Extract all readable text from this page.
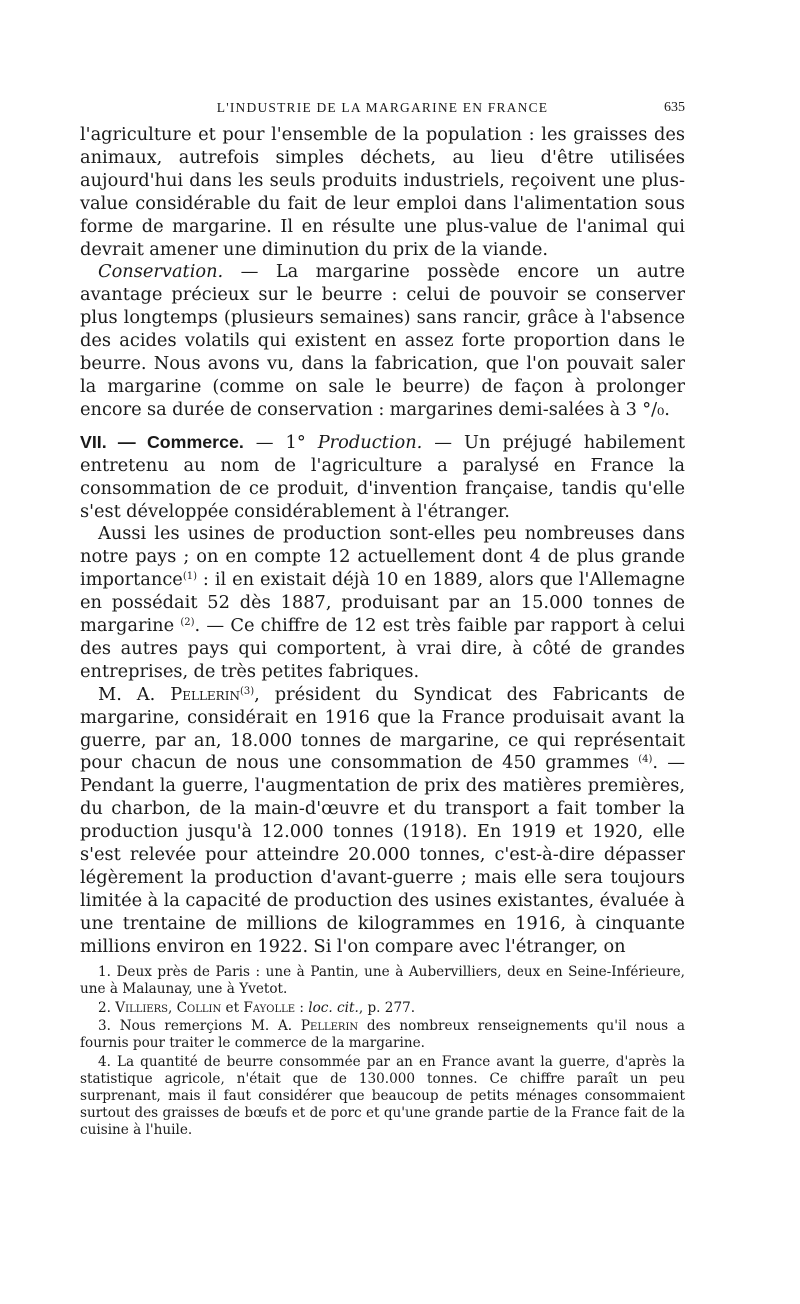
L'INDUSTRIE DE LA MARGARINE EN FRANCE	635

l'agriculture et pour l'ensemble de la population : les graisses des animaux, autrefois simples déchets, au lieu d'être utilisées aujourd'hui dans les seuls produits industriels, reçoivent une plus-value considérable du fait de leur emploi dans l'alimentation sous forme de margarine. Il en résulte une plus-value de l'animal qui devrait amener une diminution du prix de la viande.

Conservation. — La margarine possède encore un autre avantage précieux sur le beurre : celui de pouvoir se conserver plus longtemps (plusieurs semaines) sans rancir, grâce à l'absence des acides volatils qui existent en assez forte proportion dans le beurre. Nous avons vu, dans la fabrication, que l'on pouvait saler la margarine (comme on sale le beurre) de façon à prolonger encore sa durée de conservation : margarines demi-salées à 3 °/₀.

VII. — Commerce. — 1° Production. — Un préjugé habilement entretenu au nom de l'agriculture a paralysé en France la consommation de ce produit, d'invention française, tandis qu'elle s'est développée considérablement à l'étranger.

Aussi les usines de production sont-elles peu nombreuses dans notre pays ; on en compte 12 actuellement dont 4 de plus grande importance$^{(1)}$ : il en existait déjà 10 en 1889, alors que l'Allemagne en possédait 52 dès 1887, produisant par an 15.000 tonnes de margarine $^{(2)}$. — Ce chiffre de 12 est très faible par rapport à celui des autres pays qui comportent, à vrai dire, à côté de grandes entreprises, de très petites fabriques.

M. A. Pellerin$^{(3)}$, président du Syndicat des Fabricants de margarine, considérait en 1916 que la France produisait avant la guerre, par an, 18.000 tonnes de margarine, ce qui représentait pour chacun de nous une consommation de 450 grammes $^{(4)}$. — Pendant la guerre, l'augmentation de prix des matières premières, du charbon, de la main-d'œuvre et du transport a fait tomber la production jusqu'à 12.000 tonnes (1918). En 1919 et 1920, elle s'est relevée pour atteindre 20.000 tonnes, c'est-à-dire dépasser légèrement la production d'avant-guerre ; mais elle sera toujours limitée à la capacité de production des usines existantes, évaluée à une trentaine de millions de kilogrammes en 1916, à cinquante millions environ en 1922. Si l'on compare avec l'étranger, on

1. Deux près de Paris : une à Pantin, une à Aubervilliers, deux en Seine-Inférieure, une à Malaunay, une à Yvetot.

2. Villiers, Collin et Fayolle : loc. cit., p. 277.

3. Nous remerçions M. A. Pellerin des nombreux renseignements qu'il nous a fournis pour traiter le commerce de la margarine.

4. La quantité de beurre consommée par an en France avant la guerre, d'après la statistique agricole, n'était que de 130.000 tonnes. Ce chiffre paraît un peu surprenant, mais il faut considérer que beaucoup de petits ménages consommaient surtout des graisses de bœufs et de porc et qu'une grande partie de la France fait de la cuisine à l'huile.
